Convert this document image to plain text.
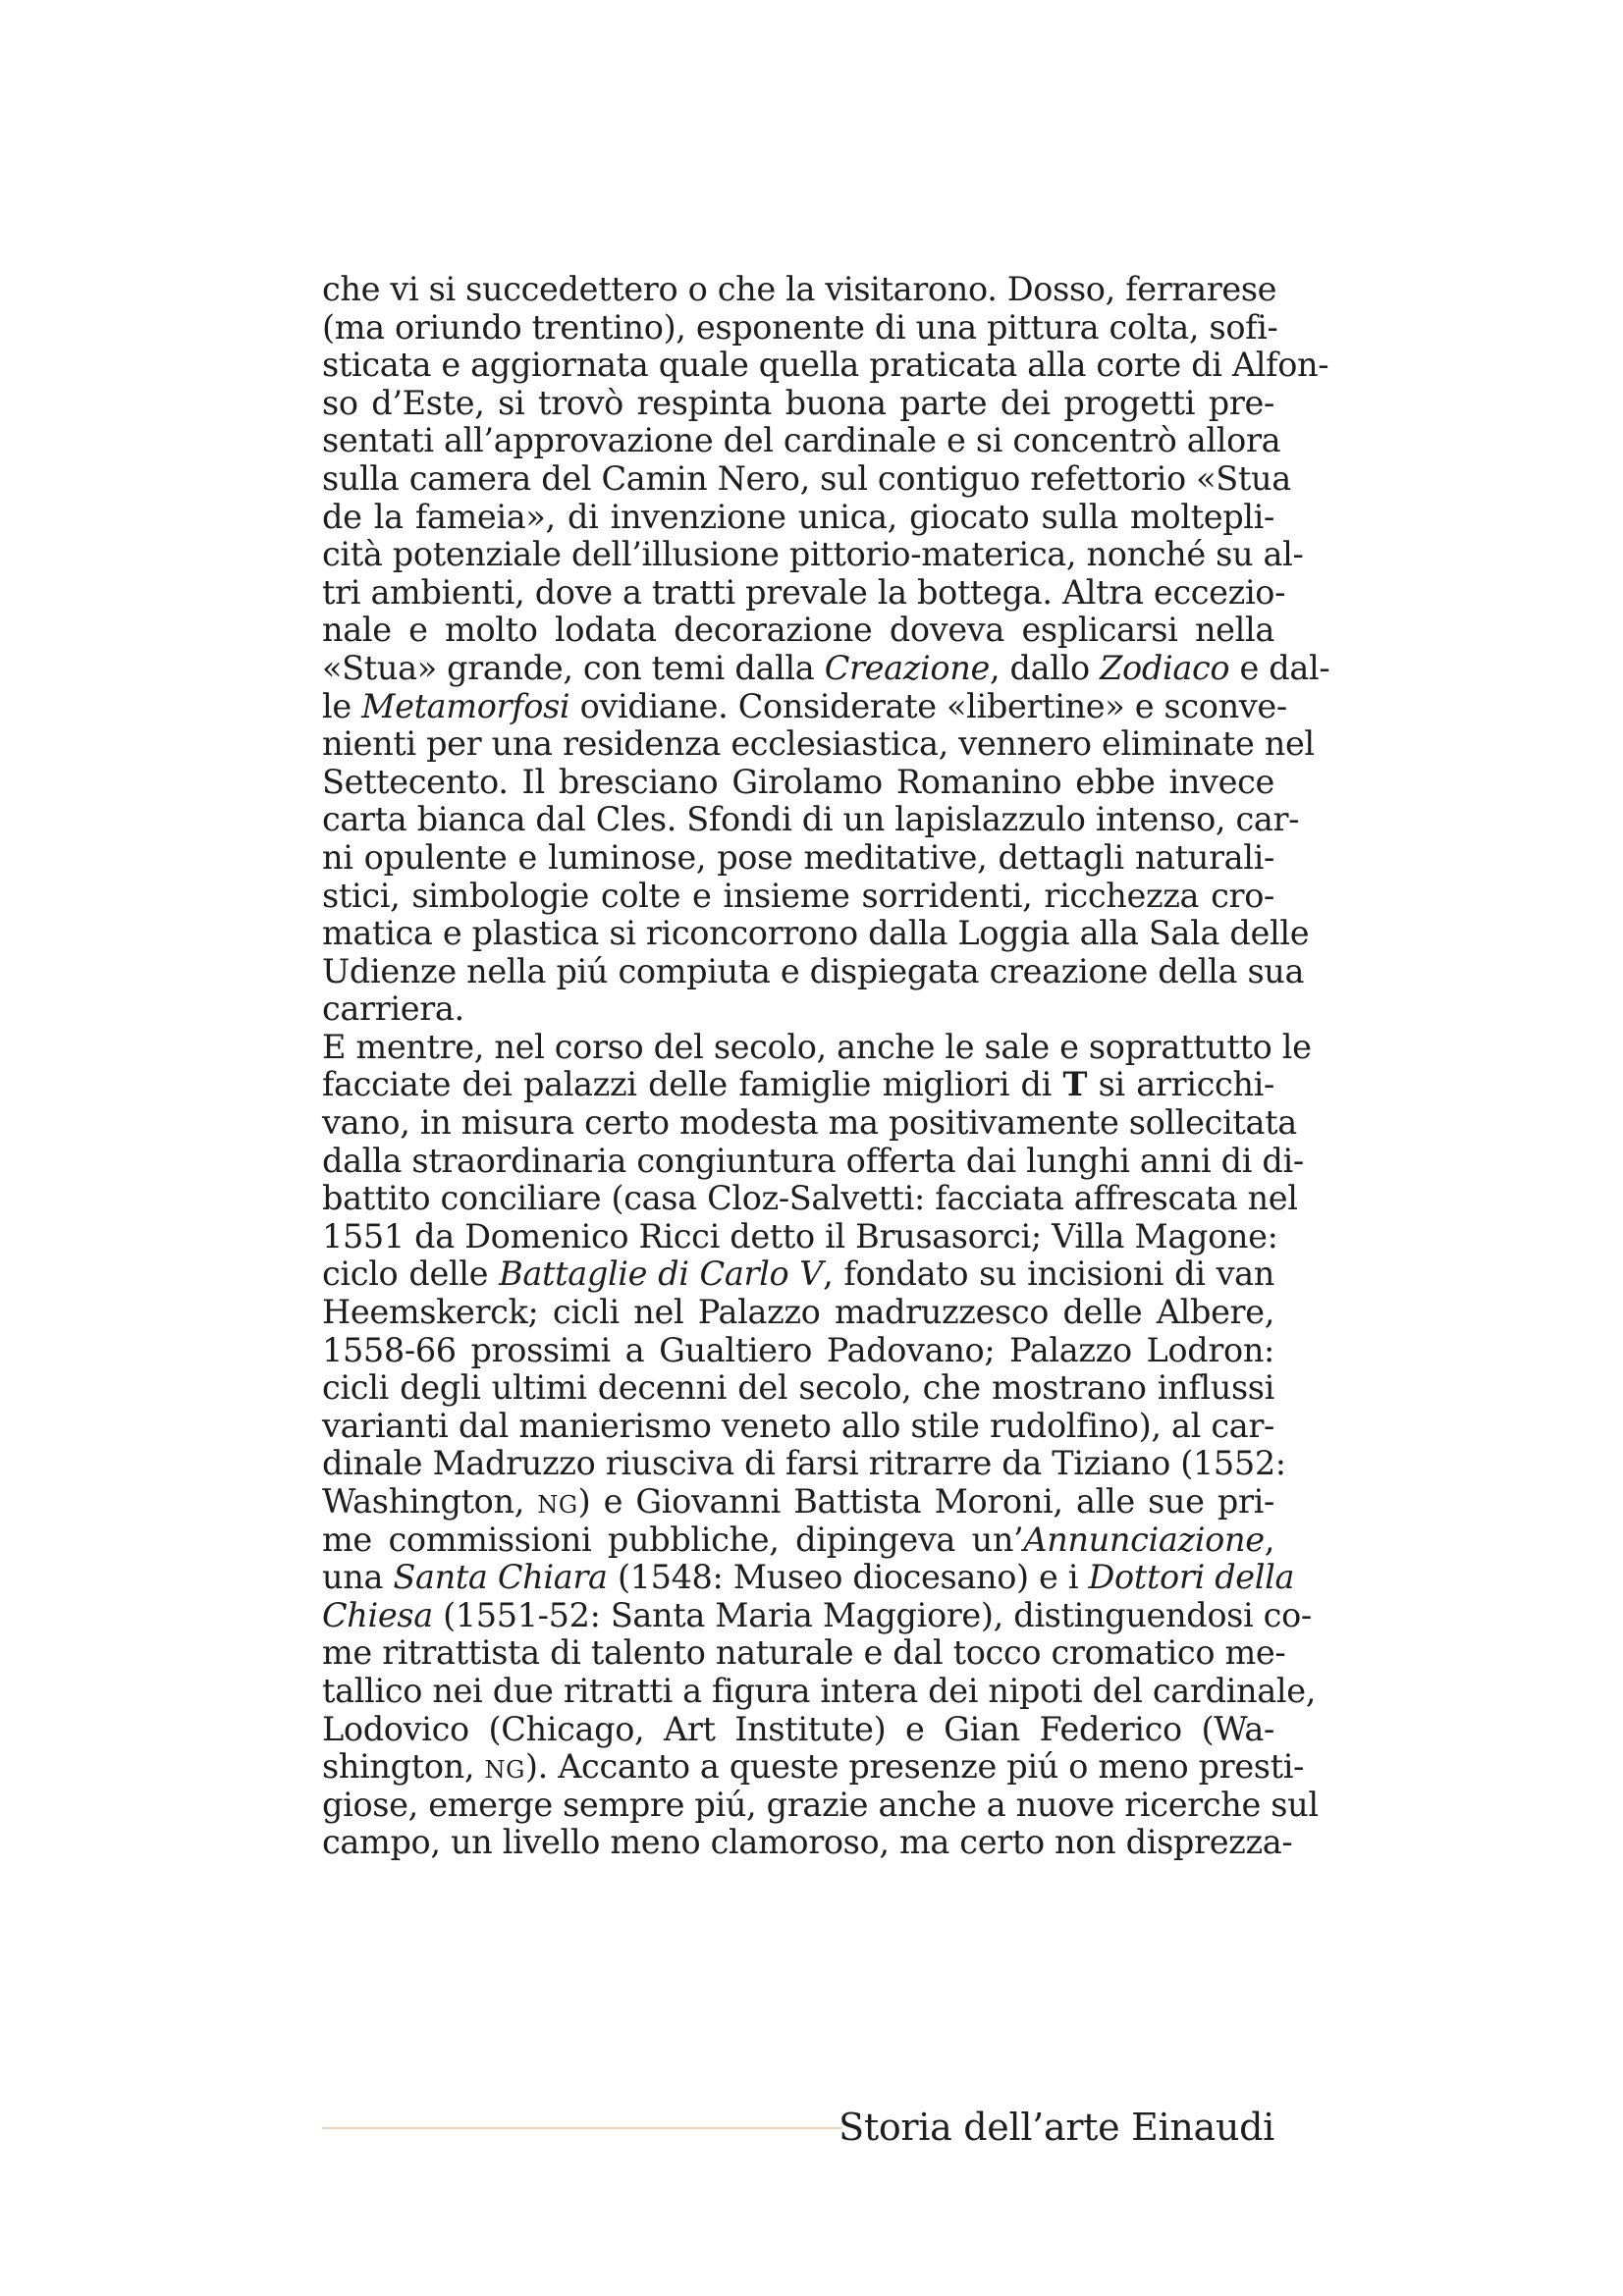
che vi si succedettero o che la visitarono. Dosso, ferrarese
(ma oriundo trentino), esponente di una pittura colta, sofi-
sticata e aggiornata quale quella praticata alla corte di Alfon-
so d’Este, si trovò respinta buona parte dei progetti pre-
sentati all’approvazione del cardinale e si concentrò allora
sulla camera del Camin Nero, sul contiguo refettorio «Stua
de la fameia», di invenzione unica, giocato sulla moltepli-
cità potenziale dell’illusione pittorio-materica, nonché su al-
tri ambienti, dove a tratti prevale la bottega. Altra eccezio-
nale e molto lodata decorazione doveva esplicarsi nella
«Stua» grande, con temi dalla Creazione, dallo Zodiaco e dal-
le Metamorfosi ovidiane. Considerate «libertine» e sconve-
nienti per una residenza ecclesiastica, vennero eliminate nel
Settecento. Il bresciano Girolamo Romanino ebbe invece
carta bianca dal Cles. Sfondi di un lapislazzulo intenso, car-
ni opulente e luminose, pose meditative, dettagli naturali-
stici, simbologie colte e insieme sorridenti, ricchezza cro-
matica e plastica si riconcorrono dalla Loggia alla Sala delle
Udienze nella piú compiuta e dispiegata creazione della sua
carriera.
E mentre, nel corso del secolo, anche le sale e soprattutto le
facciate dei palazzi delle famiglie migliori di T si arricchi-
vano, in misura certo modesta ma positivamente sollecitata
dalla straordinaria congiuntura offerta dai lunghi anni di di-
battito conciliare (casa Cloz-Salvetti: facciata affrescata nel
1551 da Domenico Ricci detto il Brusasorci; Villa Magone:
ciclo delle Battaglie di Carlo V, fondato su incisioni di van
Heemskerck; cicli nel Palazzo madruzzesco delle Albere,
1558-66 prossimi a Gualtiero Padovano; Palazzo Lodron:
cicli degli ultimi decenni del secolo, che mostrano influssi
varianti dal manierismo veneto allo stile rudolfino), al car-
dinale Madruzzo riusciva di farsi ritrarre da Tiziano (1552:
Washington, NG) e Giovanni Battista Moroni, alle sue pri-
me commissioni pubbliche, dipingeva un’Annunciazione,
una Santa Chiara (1548: Museo diocesano) e i Dottori della
Chiesa (1551-52: Santa Maria Maggiore), distinguendosi co-
me ritrattista di talento naturale e dal tocco cromatico me-
tallico nei due ritratti a figura intera dei nipoti del cardinale,
Lodovico (Chicago, Art Institute) e Gian Federico (Wa-
shington, NG). Accanto a queste presenze piú o meno presti-
giose, emerge sempre piú, grazie anche a nuove ricerche sul
campo, un livello meno clamoroso, ma certo non disprezza-
Storia dell’arte Einaudi
